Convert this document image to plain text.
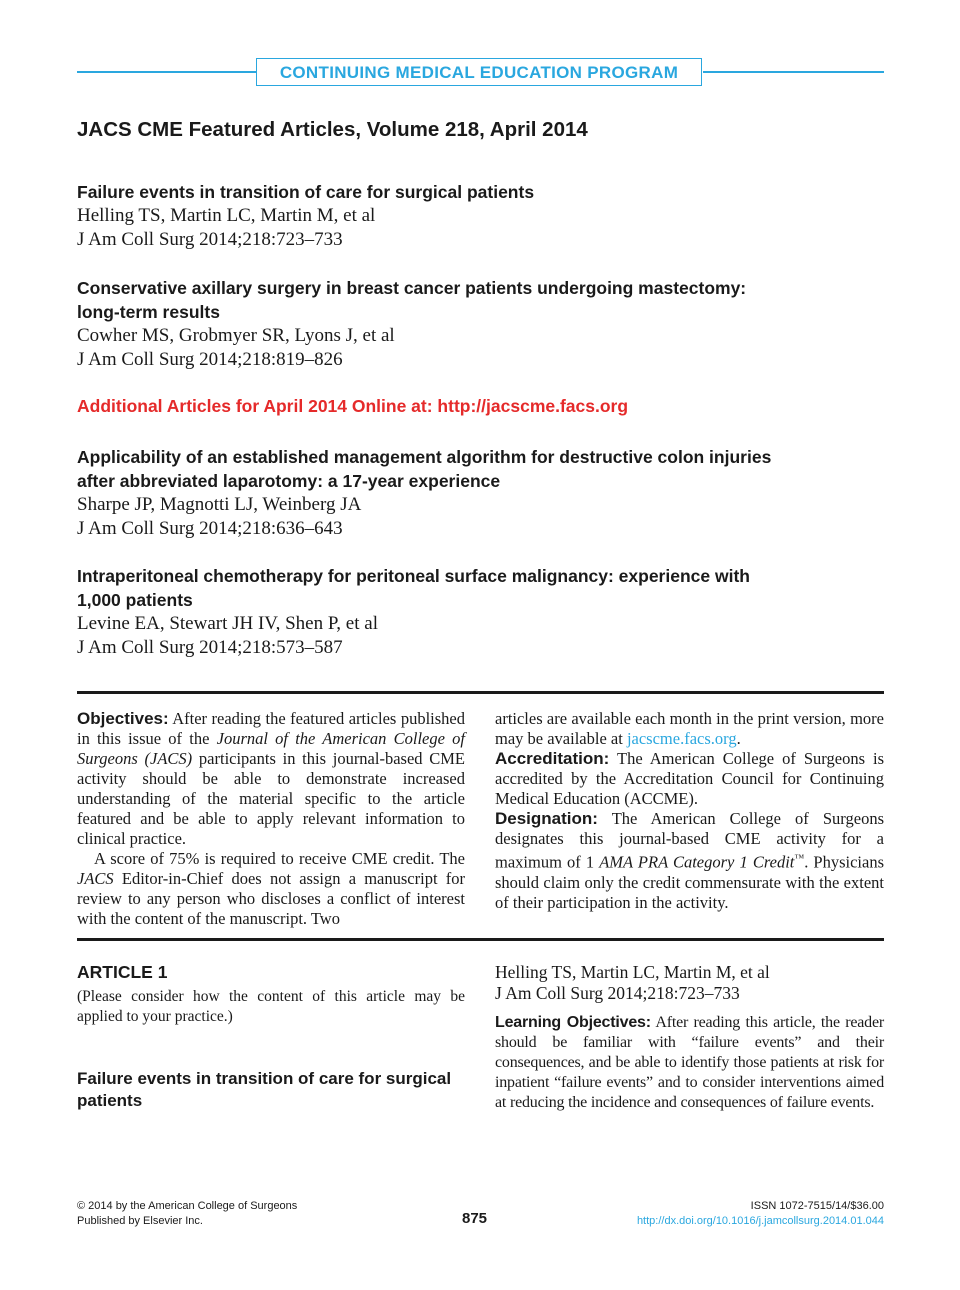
CONTINUING MEDICAL EDUCATION PROGRAM
JACS CME Featured Articles, Volume 218, April 2014

Failure events in transition of care for surgical patients

Helling TS, Martin LC, Martin M, et al

J Am Coll Surg 2014;218:723–733

Conservative axillary surgery in breast cancer patients undergoing mastectomy:

long-term results

Cowher MS, Grobmyer SR, Lyons J, et al

J Am Coll Surg 2014;218:819–826

Additional Articles for April 2014 Online at: http://jacscme.facs.org

Applicability of an established management algorithm for destructive colon injuries

after abbreviated laparotomy: a 17-year experience

Sharpe JP, Magnotti LJ, Weinberg JA

J Am Coll Surg 2014;218:636–643

Intraperitoneal chemotherapy for peritoneal surface malignancy: experience with

1,000 patients

Levine EA, Stewart JH IV, Shen P, et al

J Am Coll Surg 2014;218:573–587

Objectives: After reading the featured articles published in this issue of the Journal of the American College of Surgeons (JACS) participants in this journal-based CME activity should be able to demonstrate increased understanding of the material specific to the article featured and be able to apply relevant information to clinical practice.

A score of 75% is required to receive CME credit. The JACS Editor-in-Chief does not assign a manuscript for review to any person who discloses a conflict of interest with the content of the manuscript. Two

articles are available each month in the print version, more may be available at jacscme.facs.org.

Accreditation: The American College of Surgeons is accredited by the Accreditation Council for Continuing Medical Education (ACCME).

Designation: The American College of Surgeons designates this journal-based CME activity for a maximum of 1 AMA PRA Category 1 Credit™. Physicians should claim only the credit commensurate with the extent of their participation in the activity.

ARTICLE 1

(Please consider how the content of this article may be applied to your practice.)

Failure events in transition of care for surgical patients

Helling TS, Martin LC, Martin M, et al

J Am Coll Surg 2014;218:723–733

Learning Objectives: After reading this article, the reader should be familiar with “failure events” and their consequences, and be able to identify those patients at risk for inpatient “failure events” and to consider interventions aimed at reducing the incidence and consequences of failure events.

© 2014 by the American College of Surgeons

Published by Elsevier Inc.	875

ISSN 1072-7515/14/$36.00

http://dx.doi.org/10.1016/j.jamcollsurg.2014.01.044
